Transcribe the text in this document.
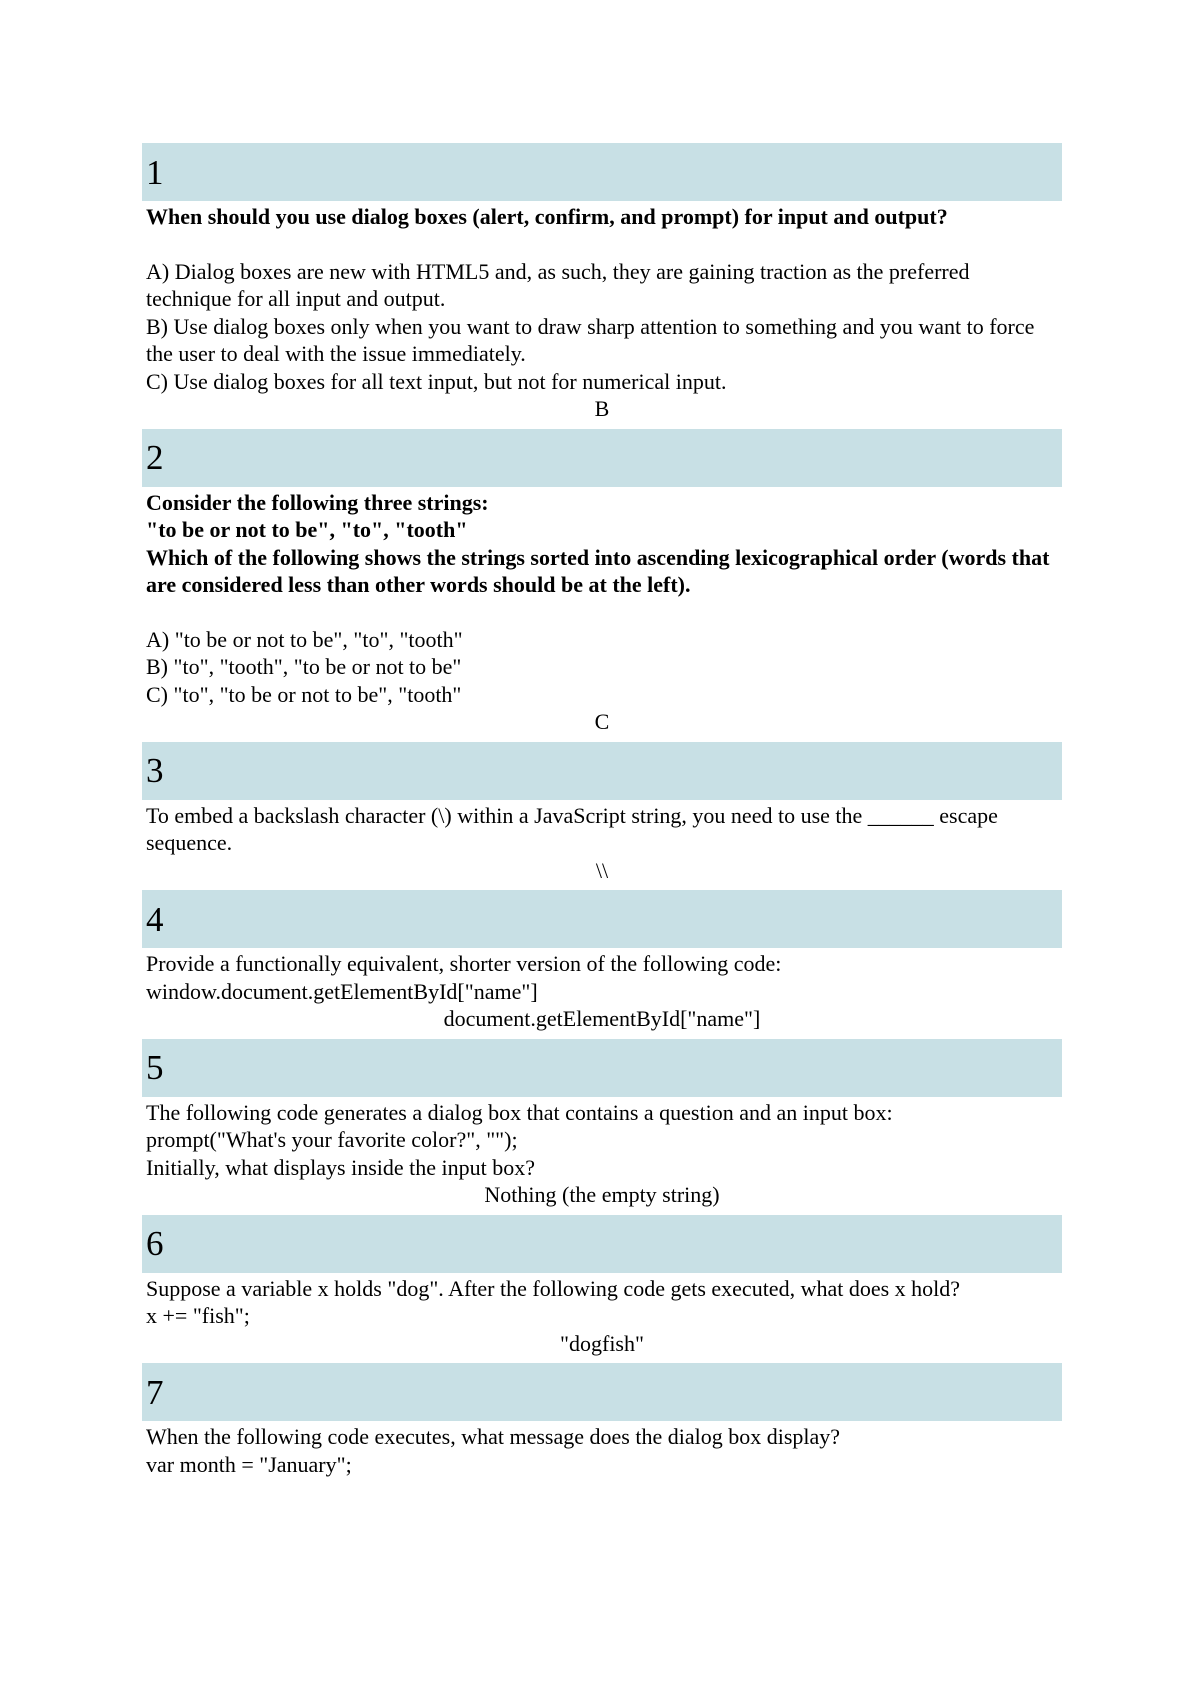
1

When should you use dialog boxes (alert, confirm, and prompt) for input and output?

A) Dialog boxes are new with HTML5 and, as such, they are gaining traction as the preferred technique for all input and output.

B) Use dialog boxes only when you want to draw sharp attention to something and you want to force the user to deal with the issue immediately.

C) Use dialog boxes for all text input, but not for numerical input.

B

2

Consider the following three strings:

"to be or not to be", "to", "tooth"

Which of the following shows the strings sorted into ascending lexicographical order (words that are considered less than other words should be at the left).

A) "to be or not to be", "to", "tooth"

B) "to", "tooth", "to be or not to be"

C) "to", "to be or not to be", "tooth"

C

3

To embed a backslash character (\) within a JavaScript string, you need to use the ______ escape sequence.

\\

4

Provide a functionally equivalent, shorter version of the following code:

window.document.getElementById["name"]

document.getElementById["name"]

5

The following code generates a dialog box that contains a question and an input box:

prompt("What's your favorite color?", "");

Initially, what displays inside the input box?

Nothing (the empty string)

6

Suppose a variable x holds "dog". After the following code gets executed, what does x hold?

x += "fish";

"dogfish"

7

When the following code executes, what message does the dialog box display?

var month = "January";
